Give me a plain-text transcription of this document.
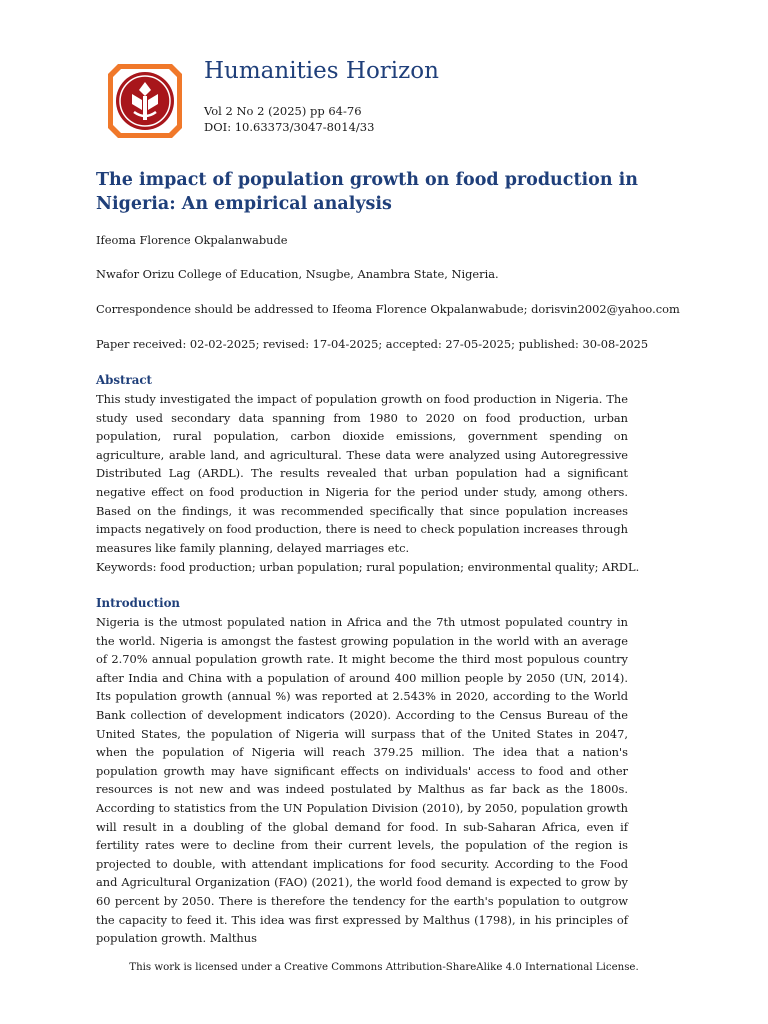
Humanities Horizon
Vol 2 No 2 (2025) pp 64-76
DOI: 10.63373/3047-8014/33
The impact of population growth on food production in Nigeria: An empirical analysis
Ifeoma Florence Okpalanwabude
Nwafor Orizu College of Education, Nsugbe, Anambra State, Nigeria.
Correspondence should be addressed to Ifeoma Florence Okpalanwabude; dorisvin2002@yahoo.com
Paper received: 02-02-2025; revised: 17-04-2025; accepted: 27-05-2025; published: 30-08-2025
Abstract
This study investigated the impact of population growth on food production in Nigeria. The study used secondary data spanning from 1980 to 2020 on food production, urban population, rural population, carbon dioxide emissions, government spending on agriculture, arable land, and agricultural. These data were analyzed using Autoregressive Distributed Lag (ARDL). The results revealed that urban population had a significant negative effect on food production in Nigeria for the period under study, among others. Based on the findings, it was recommended specifically that since population increases impacts negatively on food production, there is need to check population increases through measures like family planning, delayed marriages etc.
Keywords: food production; urban population; rural population; environmental quality; ARDL.
Introduction
Nigeria is the utmost populated nation in Africa and the 7th utmost populated country in the world. Nigeria is amongst the fastest growing population in the world with an average of 2.70% annual population growth rate. It might become the third most populous country after India and China with a population of around 400 million people by 2050 (UN, 2014). Its population growth (annual %) was reported at 2.543% in 2020, according to the World Bank collection of development indicators (2020). According to the Census Bureau of the United States, the population of Nigeria will surpass that of the United States in 2047, when the population of Nigeria will reach 379.25 million. The idea that a nation's population growth may have significant effects on individuals' access to food and other resources is not new and was indeed postulated by Malthus as far back as the 1800s. According to statistics from the UN Population Division (2010), by 2050, population growth will result in a doubling of the global demand for food. In sub-Saharan Africa, even if fertility rates were to decline from their current levels, the population of the region is projected to double, with attendant implications for food security. According to the Food and Agricultural Organization (FAO) (2021), the world food demand is expected to grow by 60 percent by 2050. There is therefore the tendency for the earth's population to outgrow the capacity to feed it. This idea was first expressed by Malthus (1798), in his principles of population growth. Malthus
This work is licensed under a Creative Commons Attribution-ShareAlike 4.0 International License.
